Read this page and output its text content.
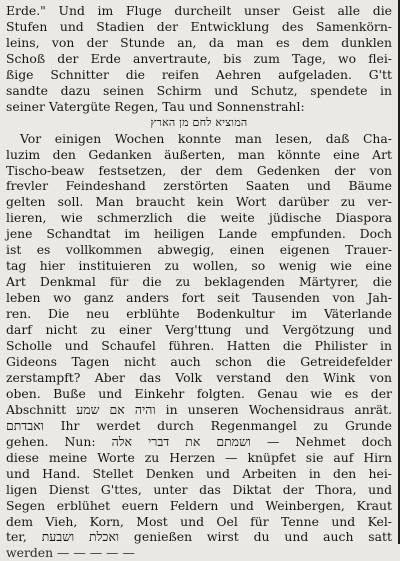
Erde." Und im Fluge durcheilt unser Geist alle die
Stufen und Stadien der Entwicklung des Samenkörn-
leins, von der Stunde an, da man es dem dunklen
Schoß der Erde anvertraute, bis zum Tage, wo flei-
ßige Schnitter die reifen Aehren aufgeladen. G'tt
sandte dazu seinen Schirm und Schutz, spendete in
seiner Vatergüte Regen, Tau und Sonnenstrahl:
המוציא לחם מן הארץ
Vor einigen Wochen konnte man lesen, daß Cha-
luzim den Gedanken äußerten, man könnte eine Art
Tischo-beaw festsetzen, der dem Gedenken der von
frevler Feindeshand zerstörten Saaten und Bäume
gelten soll. Man braucht kein Wort darüber zu ver-
lieren, wie schmerzlich die weite jüdische Diaspora
jene Schandtat im heiligen Lande empfunden. Doch
ist es vollkommen abwegig, einen eigenen Trauer-
tag hier instituieren zu wollen, so wenig wie eine
Art Denkmal für die zu beklagenden Märtyrer, die
leben wo ganz anders fort seit Tausenden von Jah-
ren. Die neu erblühte Bodenkultur im Väterlande
darf nicht zu einer Verg'ttung und Vergötzung und
Scholle und Schaufel führen. Hatten die Philister in
Gideons Tagen nicht auch schon die Getreidefelder
zerstampft? Aber das Volk verstand den Wink von
oben. Buße und Einkehr folgten. Genau wie es der
Abschnitt והיה אם שמע in unseren Wochensidraus anrät.
ואבדתם Ihr werdet durch Regenmangel zu Grunde
gehen. Nun: ושמתם את דברי אלה — Nehmet doch
diese meine Worte zu Herzen — knüpfet sie auf Hirn
und Hand. Stellet Denken und Arbeiten in den hei-
ligen Dienst G'ttes, unter das Diktat der Thora, und
Segen erblühet euern Feldern und Weinbergen, Kraut
dem Vieh, Korn, Most und Oel für Tenne und Kel-
ter, ואכלת ושבעת genießen wirst du und auch satt
werden — — — — —
